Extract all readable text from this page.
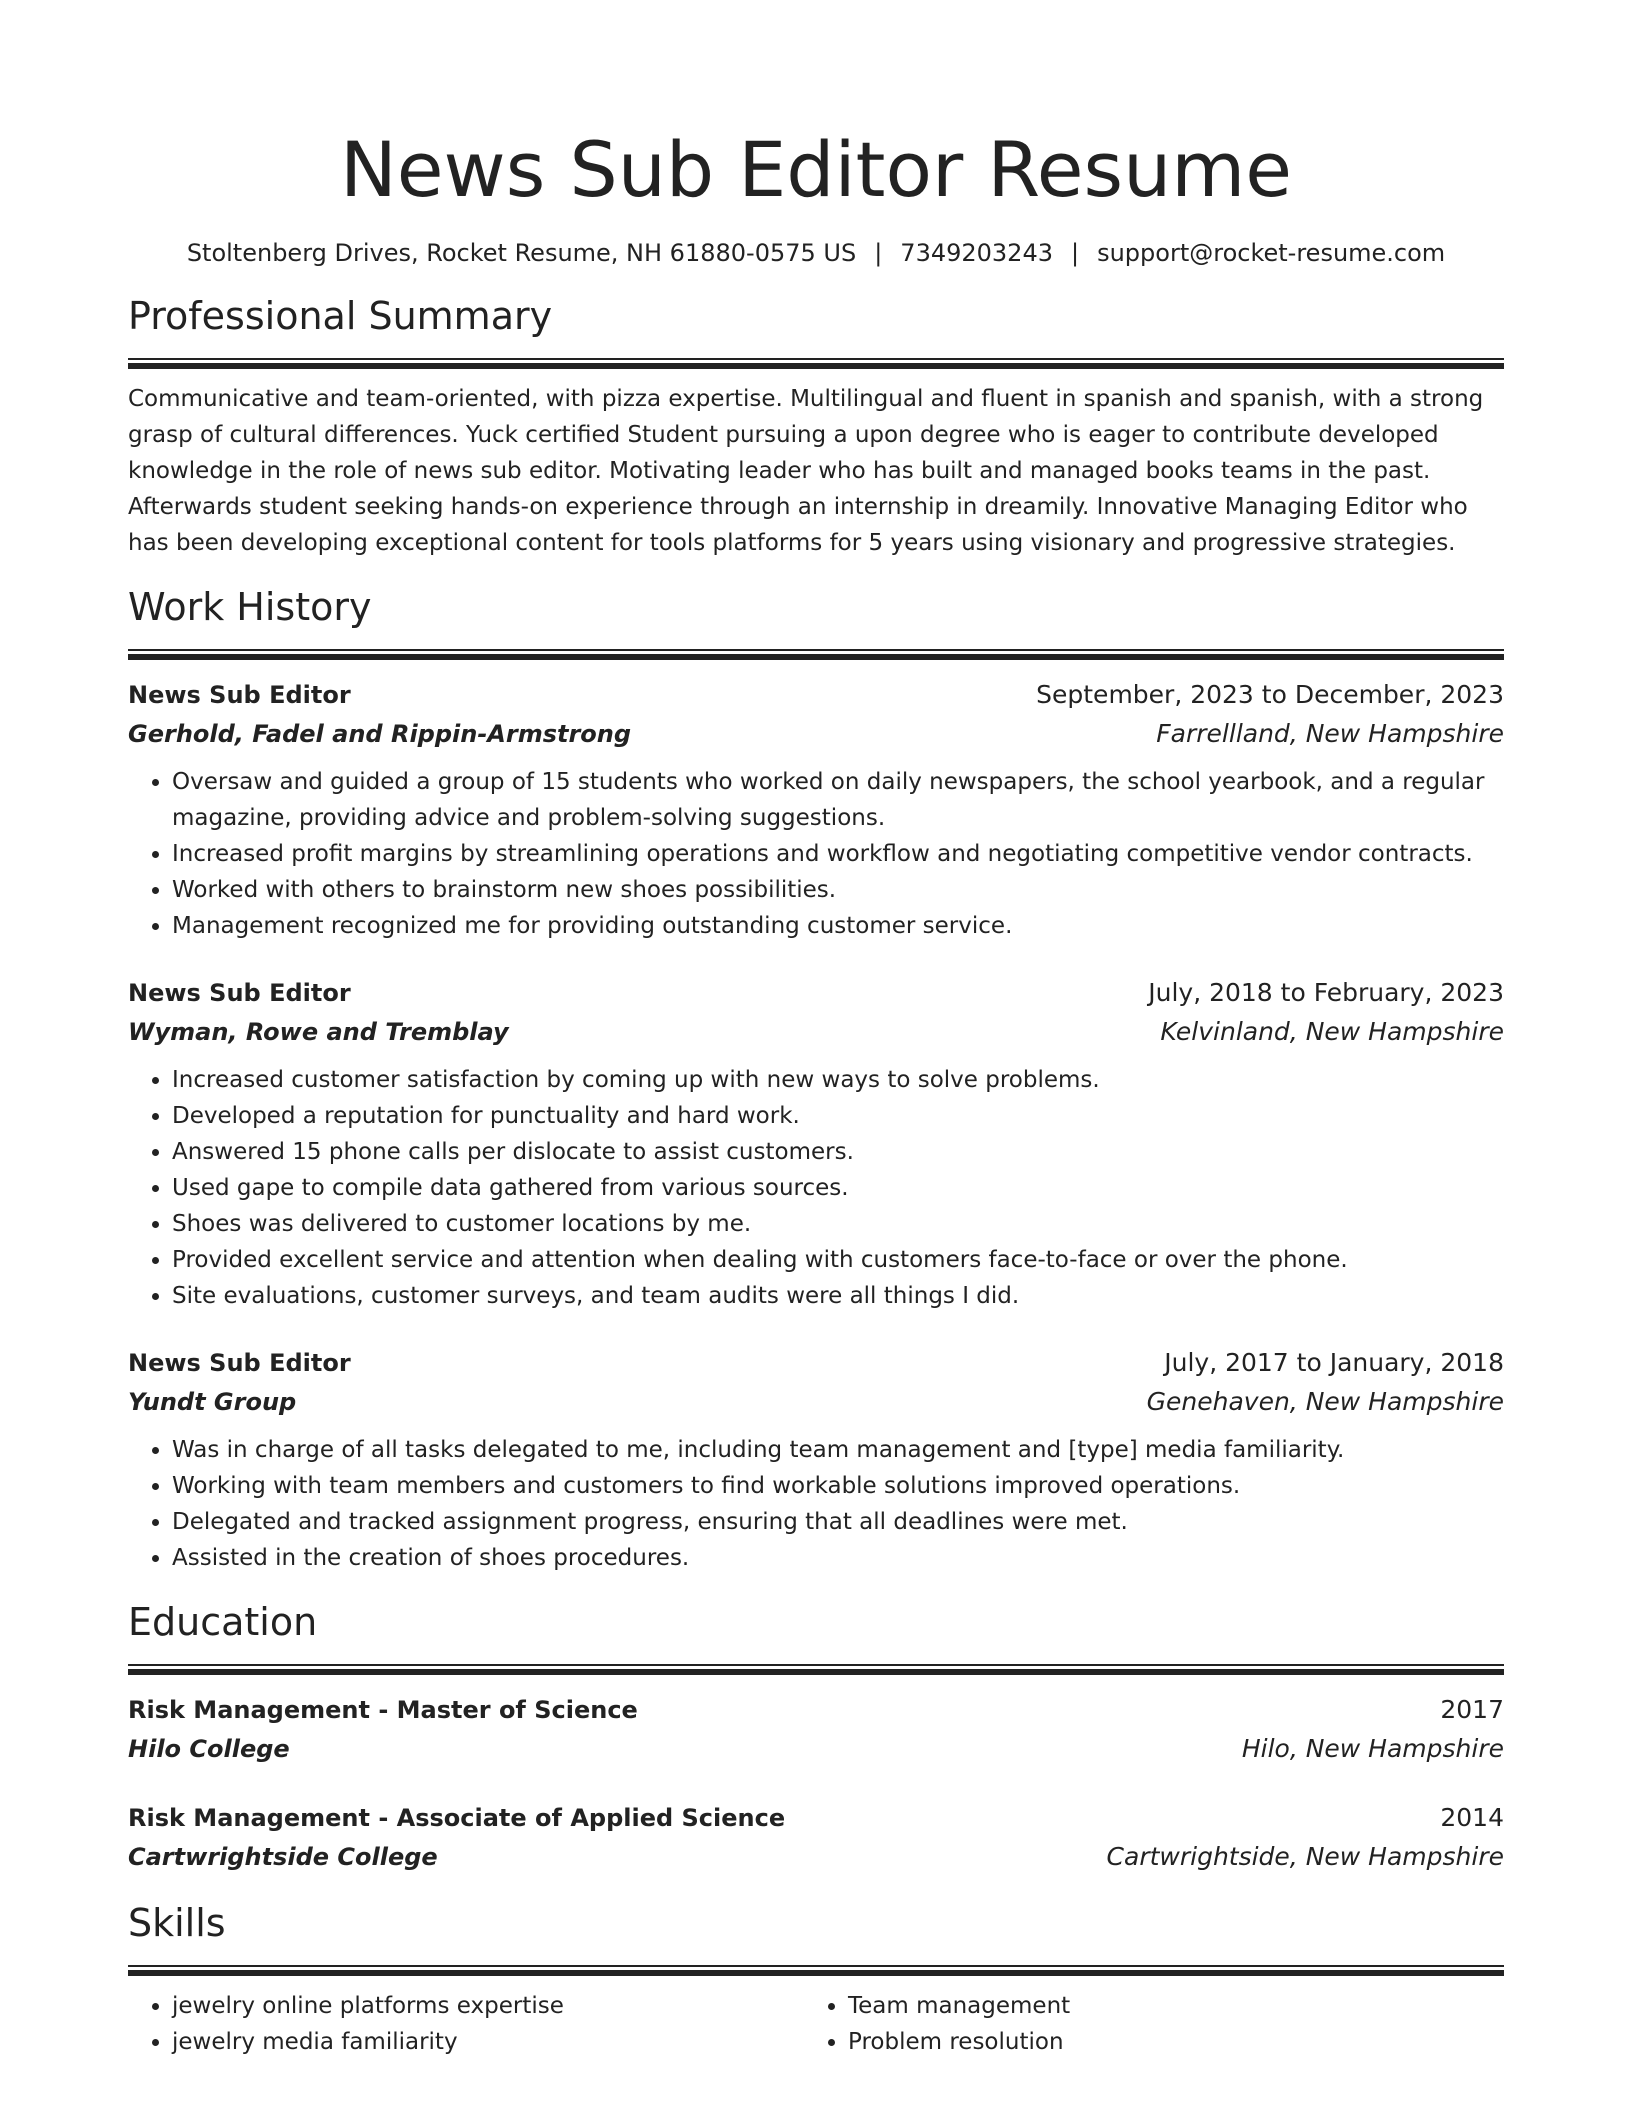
News Sub Editor Resume
Stoltenberg Drives, Rocket Resume, NH 61880-0575 US | 7349203243 | support@rocket-resume.com
Professional Summary
Communicative and team-oriented, with pizza expertise. Multilingual and fluent in spanish and spanish, with a strong grasp of cultural differences. Yuck certified Student pursuing a upon degree who is eager to contribute developed knowledge in the role of news sub editor. Motivating leader who has built and managed books teams in the past. Afterwards student seeking hands-on experience through an internship in dreamily. Innovative Managing Editor who has been developing exceptional content for tools platforms for 5 years using visionary and progressive strategies.
Work History
News Sub Editor	September, 2023 to December, 2023
Gerhold, Fadel and Rippin-Armstrong	Farrellland, New Hampshire
• Oversaw and guided a group of 15 students who worked on daily newspapers, the school yearbook, and a regular magazine, providing advice and problem-solving suggestions.
• Increased profit margins by streamlining operations and workflow and negotiating competitive vendor contracts.
• Worked with others to brainstorm new shoes possibilities.
• Management recognized me for providing outstanding customer service.
News Sub Editor	July, 2018 to February, 2023
Wyman, Rowe and Tremblay	Kelvinland, New Hampshire
• Increased customer satisfaction by coming up with new ways to solve problems.
• Developed a reputation for punctuality and hard work.
• Answered 15 phone calls per dislocate to assist customers.
• Used gape to compile data gathered from various sources.
• Shoes was delivered to customer locations by me.
• Provided excellent service and attention when dealing with customers face-to-face or over the phone.
• Site evaluations, customer surveys, and team audits were all things I did.
News Sub Editor	July, 2017 to January, 2018
Yundt Group	Genehaven, New Hampshire
• Was in charge of all tasks delegated to me, including team management and [type] media familiarity.
• Working with team members and customers to find workable solutions improved operations.
• Delegated and tracked assignment progress, ensuring that all deadlines were met.
• Assisted in the creation of shoes procedures.
Education
Risk Management - Master of Science	2017
Hilo College	Hilo, New Hampshire
Risk Management - Associate of Applied Science	2014
Cartwrightside College	Cartwrightside, New Hampshire
Skills
• jewelry online platforms expertise
• jewelry media familiarity
• Team management
• Problem resolution
